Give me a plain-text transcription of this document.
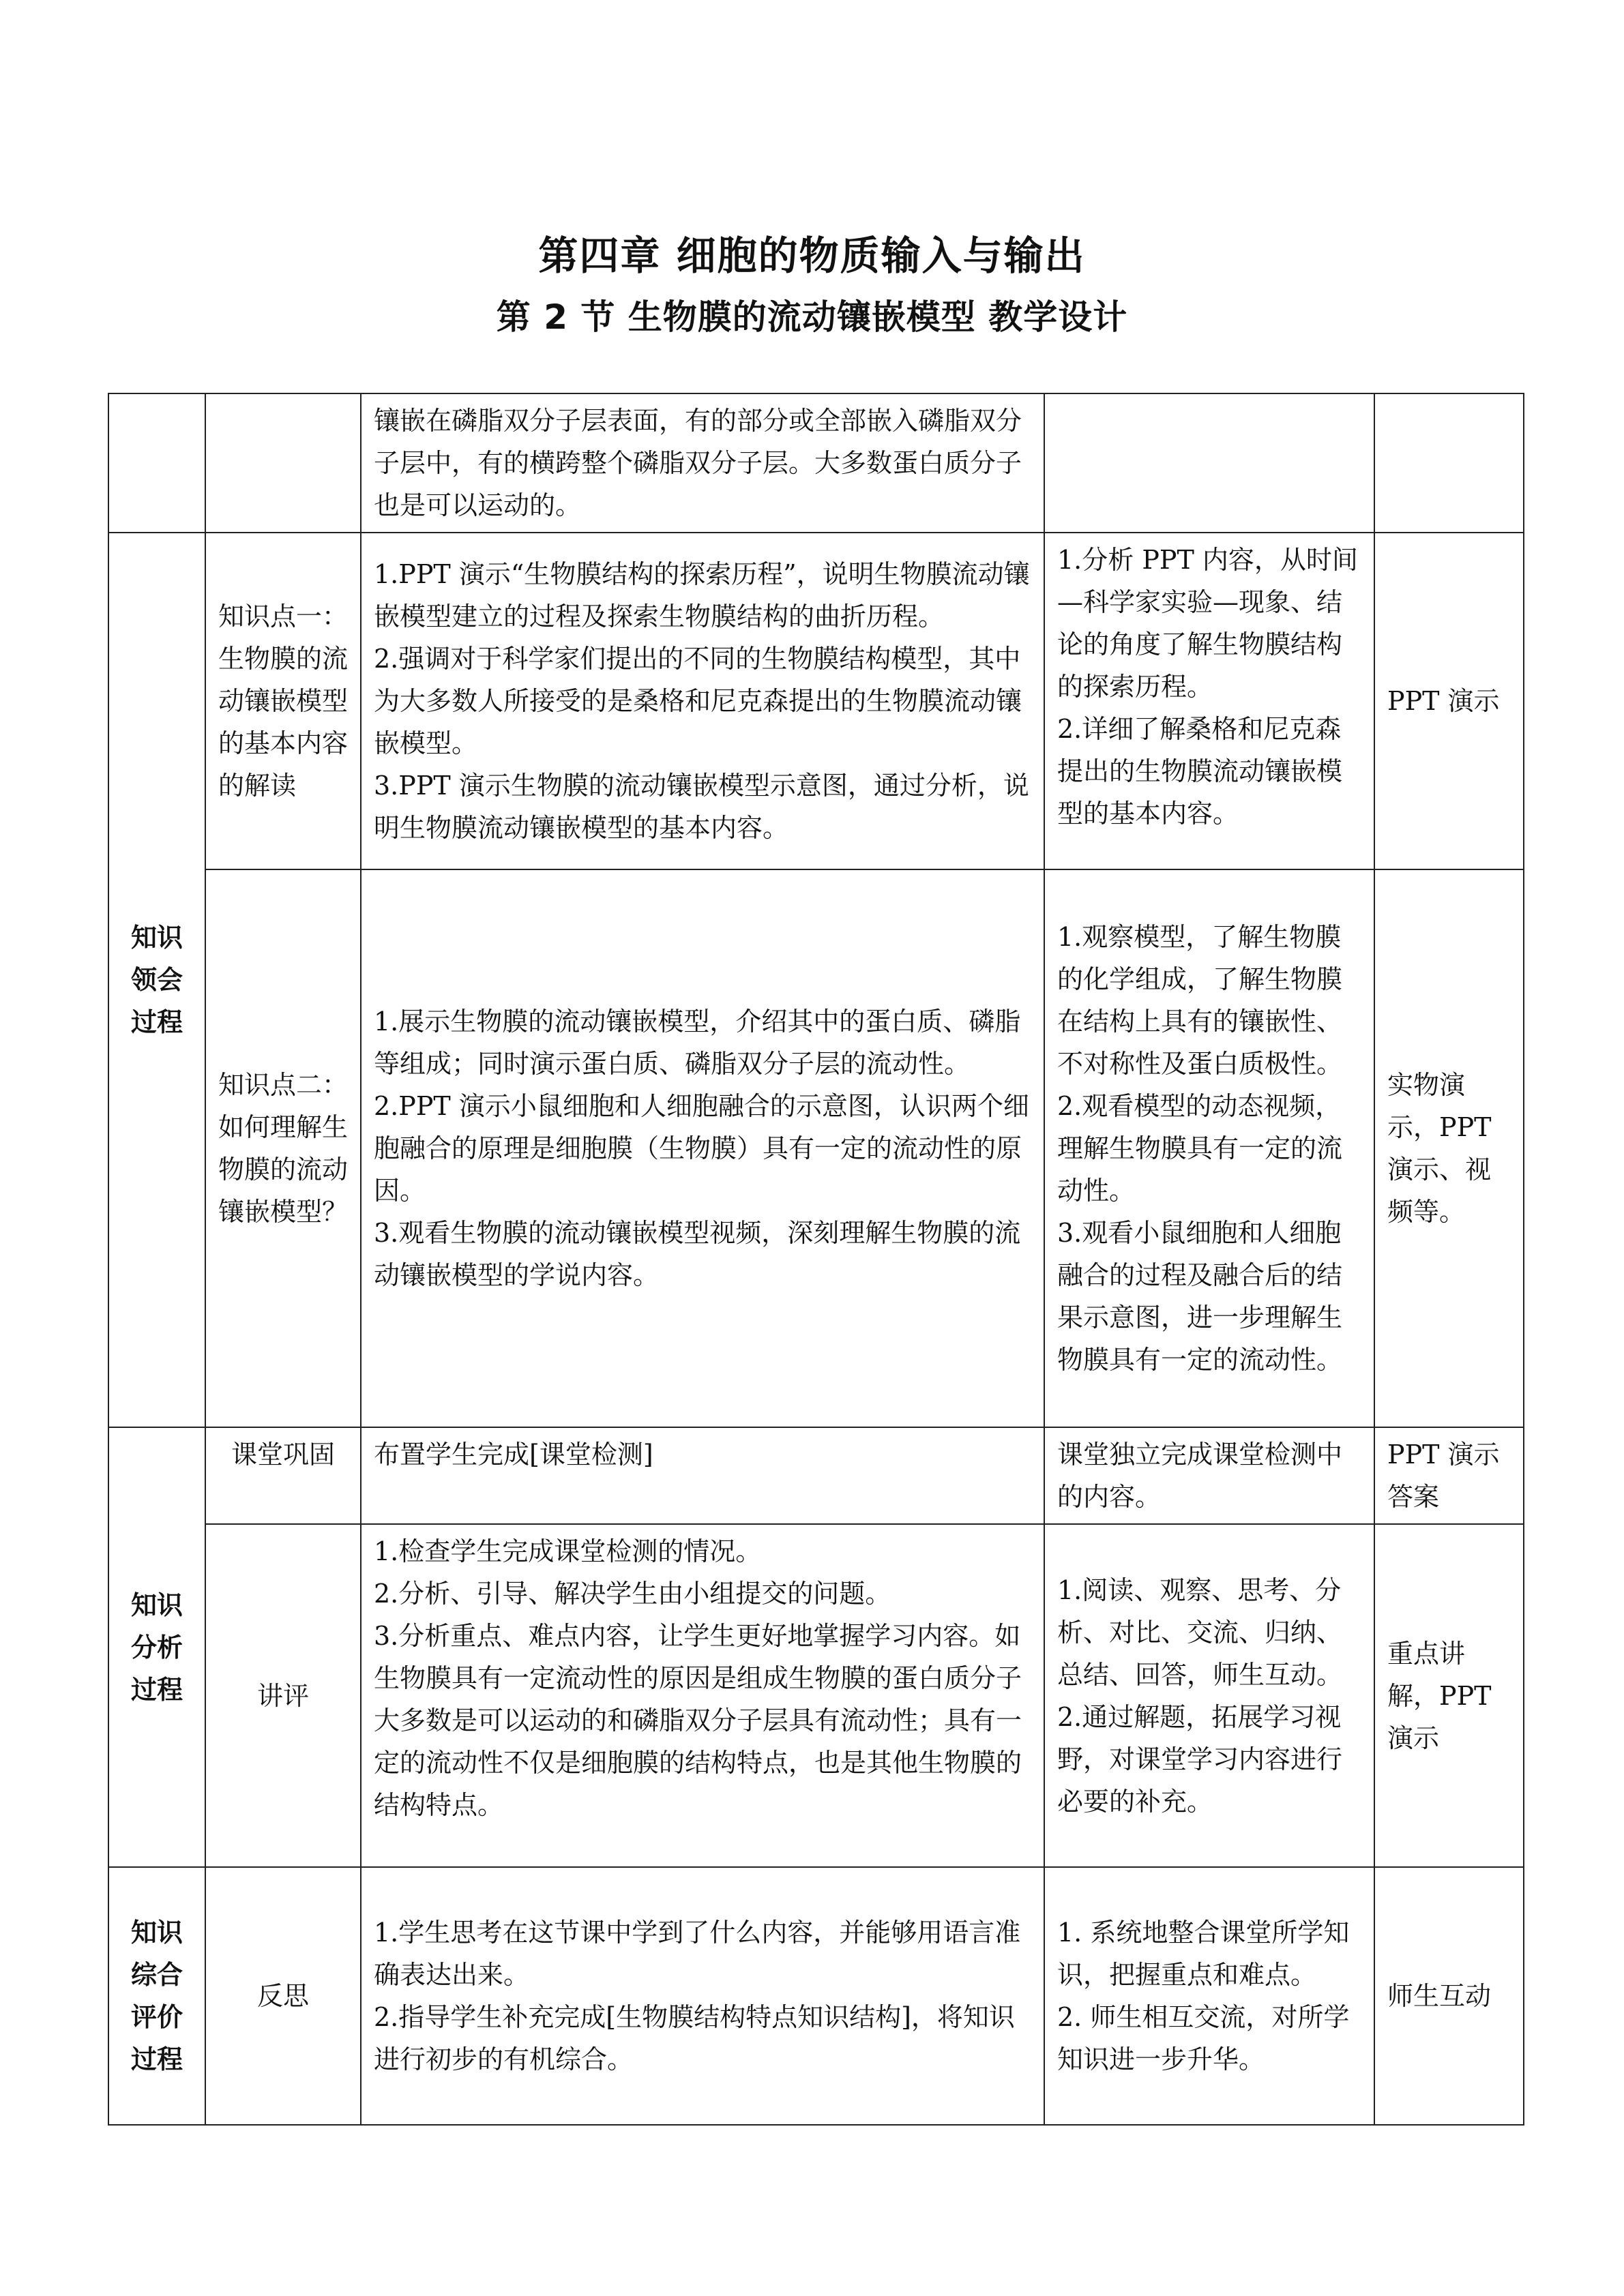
第四章 细胞的物质输入与输出
第 2 节 生物膜的流动镶嵌模型 教学设计
		镶嵌在磷脂双分子层表面，有的部分或全部嵌入磷脂双分子层中，有的横跨整个磷脂双分子层。大多数蛋白质分子也是可以运动的。		
知识领会过程	知识点一：生物膜的流动镶嵌模型的基本内容的解读	1.PPT 演示“生物膜结构的探索历程”，说明生物膜流动镶嵌模型建立的过程及探索生物膜结构的曲折历程。
2.强调对于科学家们提出的不同的生物膜结构模型，其中为大多数人所接受的是桑格和尼克森提出的生物膜流动镶嵌模型。
3.PPT 演示生物膜的流动镶嵌模型示意图，通过分析，说明生物膜流动镶嵌模型的基本内容。	1.分析 PPT 内容，从时间—科学家实验—现象、结论的角度了解生物膜结构的探索历程。
2.详细了解桑格和尼克森提出的生物膜流动镶嵌模型的基本内容。	PPT 演示
	知识点二：如何理解生物膜的流动镶嵌模型？	1.展示生物膜的流动镶嵌模型，介绍其中的蛋白质、磷脂等组成；同时演示蛋白质、磷脂双分子层的流动性。
2.PPT 演示小鼠细胞和人细胞融合的示意图，认识两个细胞融合的原理是细胞膜（生物膜）具有一定的流动性的原因。
3.观看生物膜的流动镶嵌模型视频，深刻理解生物膜的流动镶嵌模型的学说内容。	1.观察模型，了解生物膜的化学组成，了解生物膜在结构上具有的镶嵌性、不对称性及蛋白质极性。
2.观看模型的动态视频，理解生物膜具有一定的流动性。
3.观看小鼠细胞和人细胞融合的过程及融合后的结果示意图，进一步理解生物膜具有一定的流动性。	实物演示，PPT 演示、视频等。
知识分析过程	课堂巩固	布置学生完成[课堂检测]	课堂独立完成课堂检测中的内容。	PPT 演示答案
	讲评	1.检查学生完成课堂检测的情况。
2.分析、引导、解决学生由小组提交的问题。
3.分析重点、难点内容，让学生更好地掌握学习内容。如生物膜具有一定流动性的原因是组成生物膜的蛋白质分子大多数是可以运动的和磷脂双分子层具有流动性；具有一定的流动性不仅是细胞膜的结构特点，也是其他生物膜的结构特点。	1.阅读、观察、思考、分析、对比、交流、归纳、总结、回答，师生互动。2.通过解题，拓展学习视野，对课堂学习内容进行必要的补充。	重点讲解，PPT 演示
知识综合评价过程	反思	1.学生思考在这节课中学到了什么内容，并能够用语言准确表达出来。
2.指导学生补充完成[生物膜结构特点知识结构]，将知识进行初步的有机综合。	1. 系统地整合课堂所学知识，把握重点和难点。
2. 师生相互交流，对所学知识进一步升华。	师生互动
